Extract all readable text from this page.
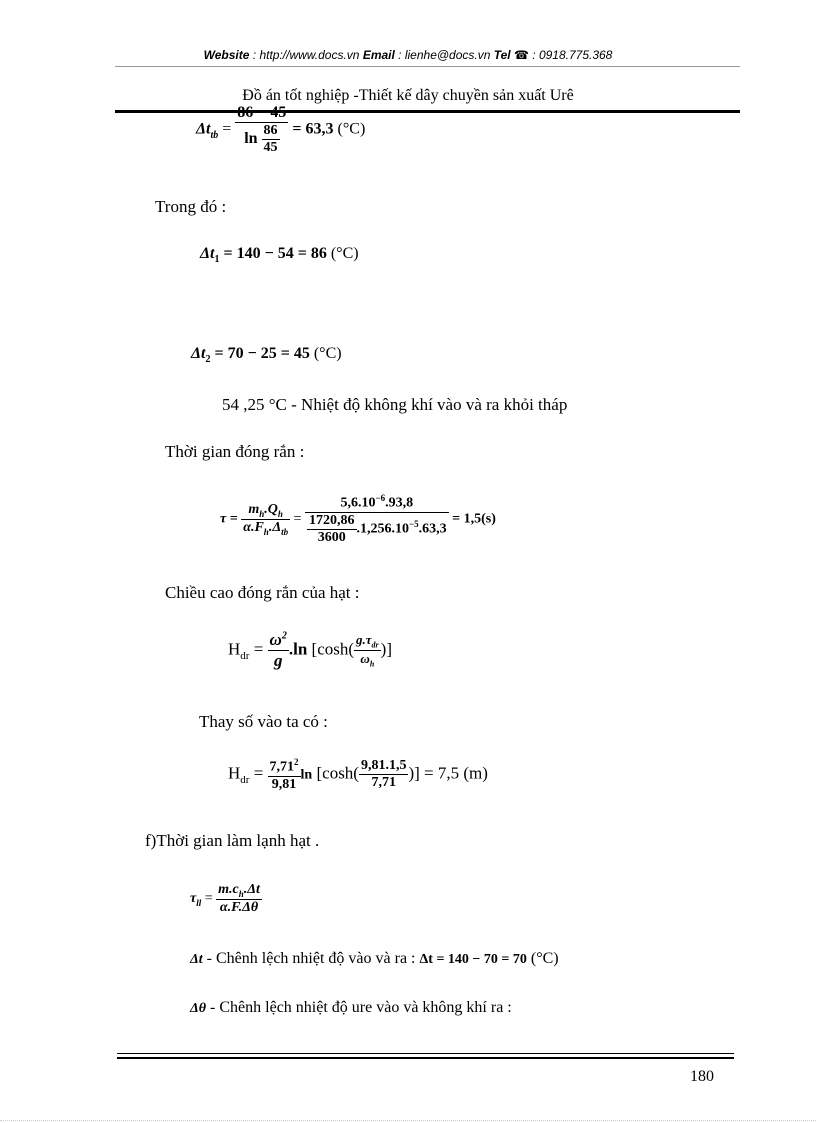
Website : http://www.docs.vn Email : lienhe@docs.vn Tel ☎ : 0918.775.368
Đồ án tốt nghiệp -Thiết kế dây chuyền sản xuất Urê
$\Delta t_{tb} = \frac{86 - 45}{\ln \frac{86}{45}} = 63,3$ (°C)
Trong đó :
$\Delta t_1 = 140 - 54 = 86$ (°C)
$\Delta t_2 = 70 - 25 = 45$ (°C)
54 ,25 °C - Nhiệt độ không khí vào và ra khỏi tháp
Thời gian đóng rắn :
$\tau = \frac{m_h.Q_h}{\alpha.F_h.\Delta_{tb}} = \frac{5,6.10^{-6}.93,8}{\frac{1720,86}{3600} .1,256.10^{-5}.63,3} = 1,5(s)$
Chiều cao đóng rắn của hạt :
$H_{dr} = \frac{\omega^2}{g} .\ln$ [$\cosh( \frac{g.\tau_{dr}}{\omega_h}$ )]
Thay số vào ta có :
$H_{dr} = \frac{7,71^2}{9,81}$ $\ln [\cosh( \frac{9,81.1,5}{7,71}$ )] = 7,5 (m)
f)Thời gian làm lạnh hạt .
$\tau_{ll} = \frac{m.c_h.\Delta t}{\alpha.F.\Delta\theta}$
Δt - Chênh lệch nhiệt độ vào và ra : Δt = 140 − 70 = 70 (°C)
Δθ - Chênh lệch nhiệt độ ure vào và không khí ra :
180
